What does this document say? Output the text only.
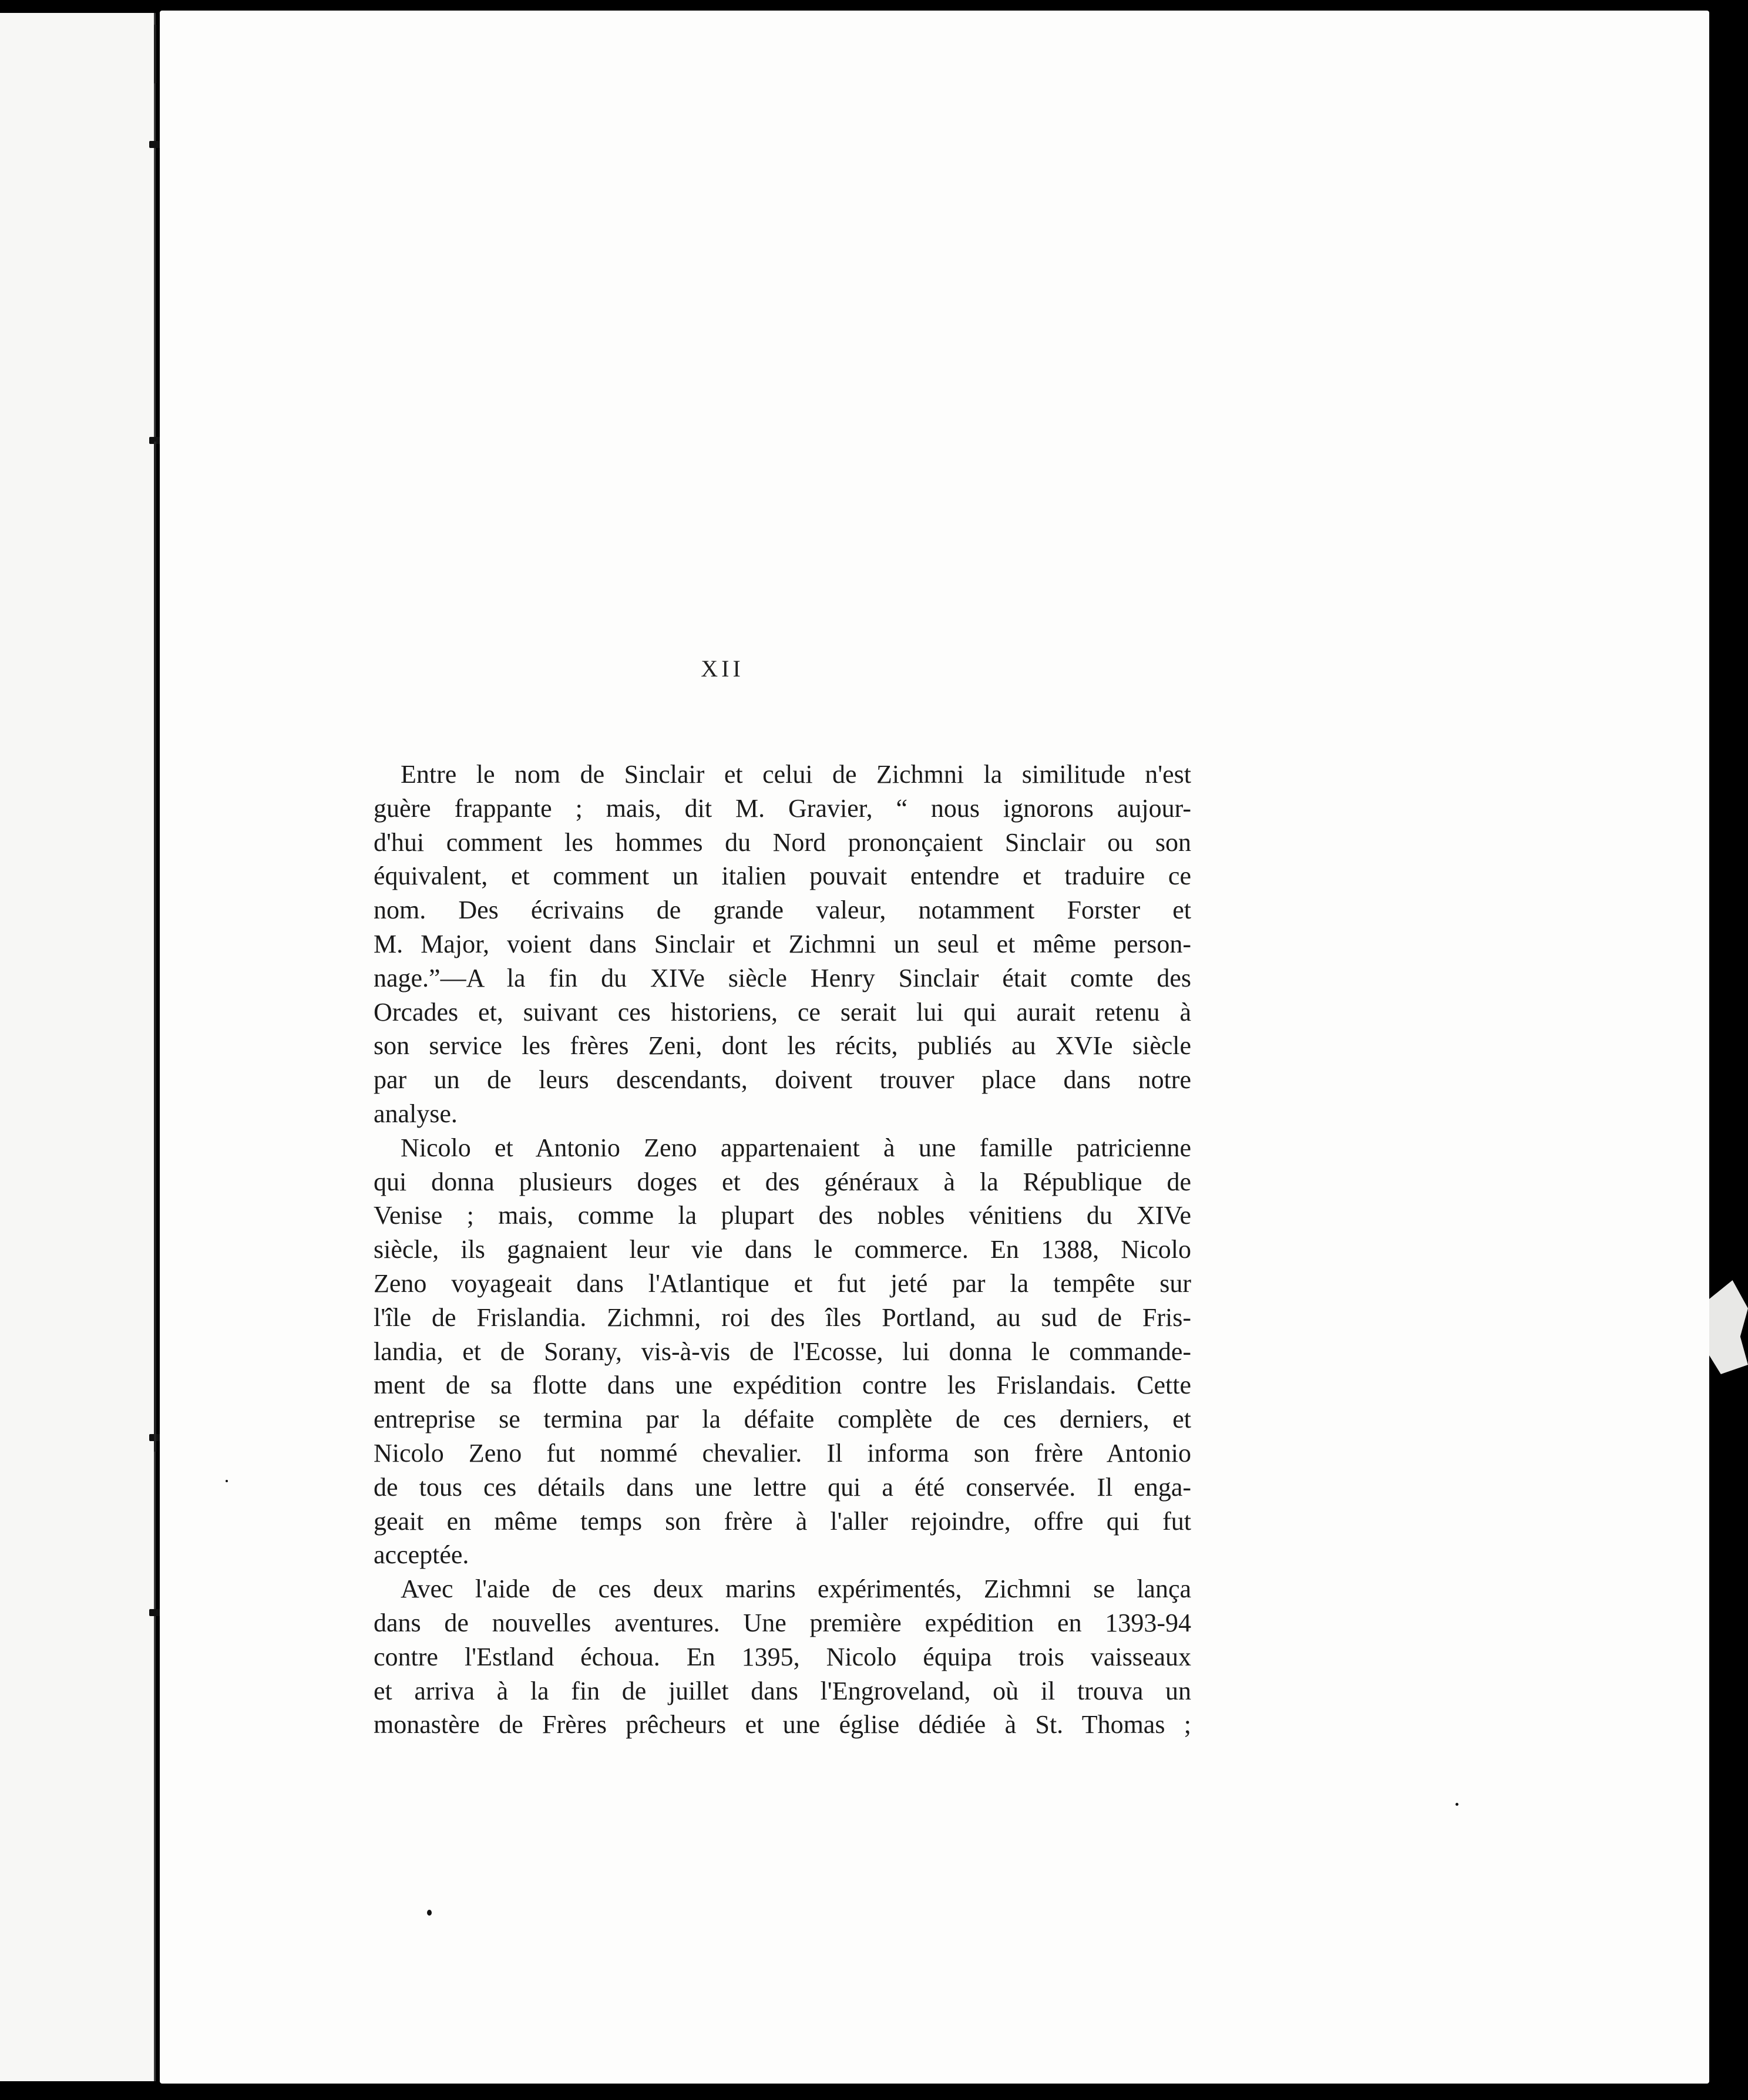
XII
Entre le nom de Sinclair et celui de Zichmni la similitude n'est
guère frappante ; mais, dit M. Gravier, “ nous ignorons aujour-
d'hui comment les hommes du Nord prononçaient Sinclair ou son
équivalent, et comment un italien pouvait entendre et traduire ce
nom. Des écrivains de grande valeur, notamment Forster et
M. Major, voient dans Sinclair et Zichmni un seul et même person-
nage.”—A la fin du XIVe siècle Henry Sinclair était comte des
Orcades et, suivant ces historiens, ce serait lui qui aurait retenu à
son service les frères Zeni, dont les récits, publiés au XVIe siècle
par un de leurs descendants, doivent trouver place dans notre
analyse.
Nicolo et Antonio Zeno appartenaient à une famille patricienne
qui donna plusieurs doges et des généraux à la République de
Venise ; mais, comme la plupart des nobles vénitiens du XIVe
siècle, ils gagnaient leur vie dans le commerce. En 1388, Nicolo
Zeno voyageait dans l'Atlantique et fut jeté par la tempête sur
l'île de Frislandia. Zichmni, roi des îles Portland, au sud de Fris-
landia, et de Sorany, vis-à-vis de l'Ecosse, lui donna le commande-
ment de sa flotte dans une expédition contre les Frislandais. Cette
entreprise se termina par la défaite complète de ces derniers, et
Nicolo Zeno fut nommé chevalier. Il informa son frère Antonio
de tous ces détails dans une lettre qui a été conservée. Il enga-
geait en même temps son frère à l'aller rejoindre, offre qui fut
acceptée.
Avec l'aide de ces deux marins expérimentés, Zichmni se lança
dans de nouvelles aventures. Une première expédition en 1393-94
contre l'Estland échoua. En 1395, Nicolo équipa trois vaisseaux
et arriva à la fin de juillet dans l'Engroveland, où il trouva un
monastère de Frères prêcheurs et une église dédiée à St. Thomas ;
